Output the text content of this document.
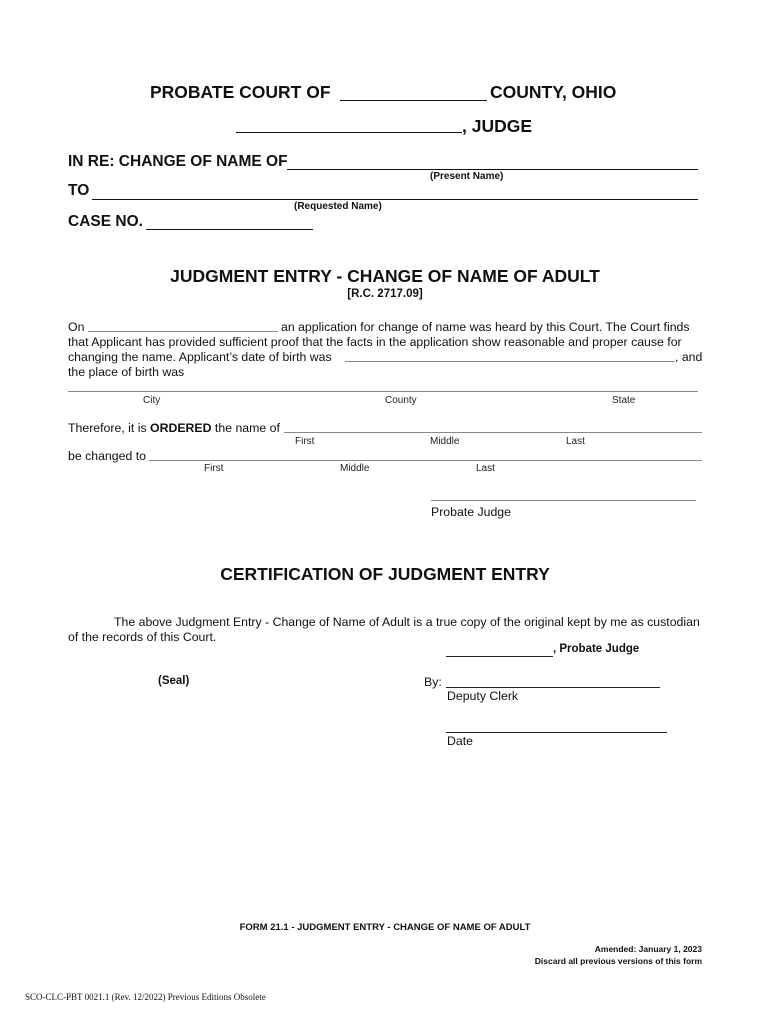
PROBATE COURT OF	COUNTY, OHIO
, JUDGE
IN RE: CHANGE OF NAME OF
(Present Name)
TO
(Requested Name)
CASE NO.
JUDGMENT ENTRY - CHANGE OF NAME OF ADULT
[R.C. 2717.09]
On	an application for change of name was heard by this Court. The Court finds
that Applicant has provided sufficient proof that the facts in the application show reasonable and proper cause for
changing the name. Applicant’s date of birth was	, and
the place of birth was
City	County	State
Therefore, it is ORDERED the name of
First	Middle	Last
be changed to
First	Middle	Last
Probate Judge
CERTIFICATION OF JUDGMENT ENTRY
The above Judgment Entry - Change of Name of Adult is a true copy of the original kept by me as custodian
of the records of this Court.
, Probate Judge
(Seal)	By:
Deputy Clerk
Date
FORM 21.1 - JUDGMENT ENTRY - CHANGE OF NAME OF ADULT
Amended: January 1, 2023
Discard all previous versions of this form
SCO-CLC-PBT 0021.1 (Rev. 12/2022) Previous Editions Obsolete
